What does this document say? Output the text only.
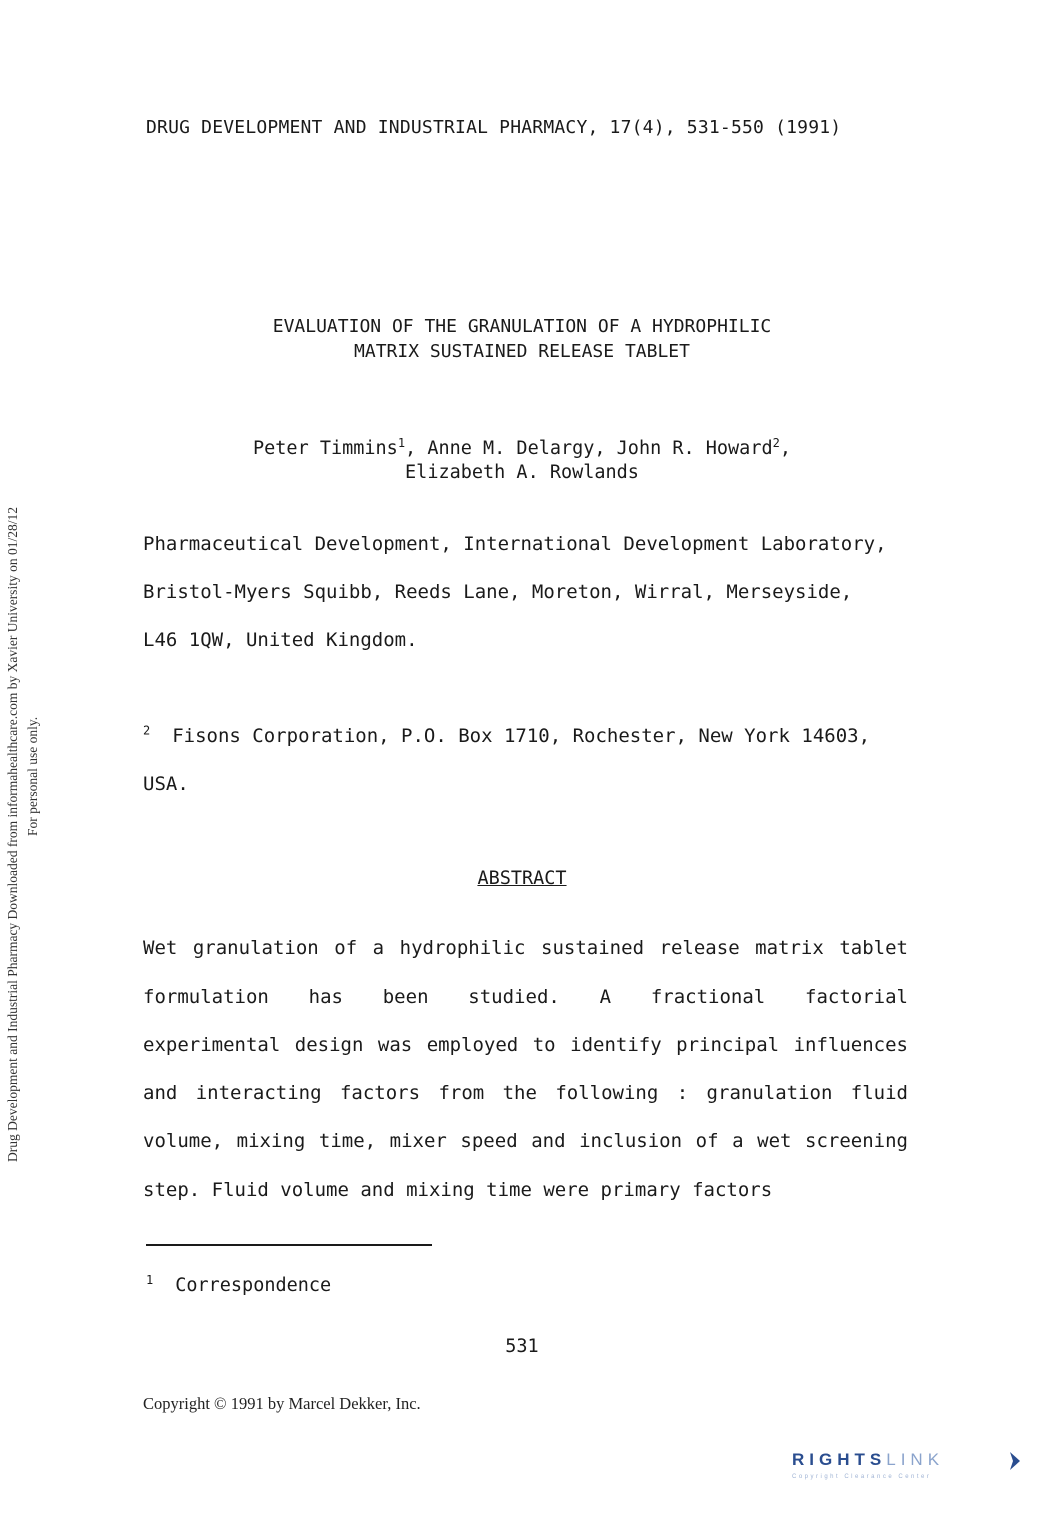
Drug Development and Industrial Pharmacy Downloaded from informahealthcare.com by Xavier University on 01/28/12 For personal use only.
DRUG DEVELOPMENT AND INDUSTRIAL PHARMACY, 17(4), 531-550 (1991)
EVALUATION OF THE GRANULATION OF A HYDROPHILIC
MATRIX SUSTAINED RELEASE TABLET
Peter Timmins$^1$, Anne M. Delargy, John R. Howard$^2$,
Elizabeth A. Rowlands
Pharmaceutical Development, International Development Laboratory,
Bristol-Myers Squibb, Reeds Lane, Moreton, Wirral, Merseyside,
L46 1QW, United Kingdom.
$^2$ Fisons Corporation, P.O. Box 1710, Rochester, New York 14603,
USA.
ABSTRACT
Wet granulation of a hydrophilic sustained release matrix tablet
formulation has been studied. A fractional factorial
experimental design was employed to identify principal influences
and interacting factors from the following : granulation fluid
volume, mixing time, mixer speed and inclusion of a wet screening
step. Fluid volume and mixing time were primary factors
$^1$ Correspondence
531
Copyright © 1991 by Marcel Dekker, Inc.
RIGHTSLINK
Copyright Clearance Center
